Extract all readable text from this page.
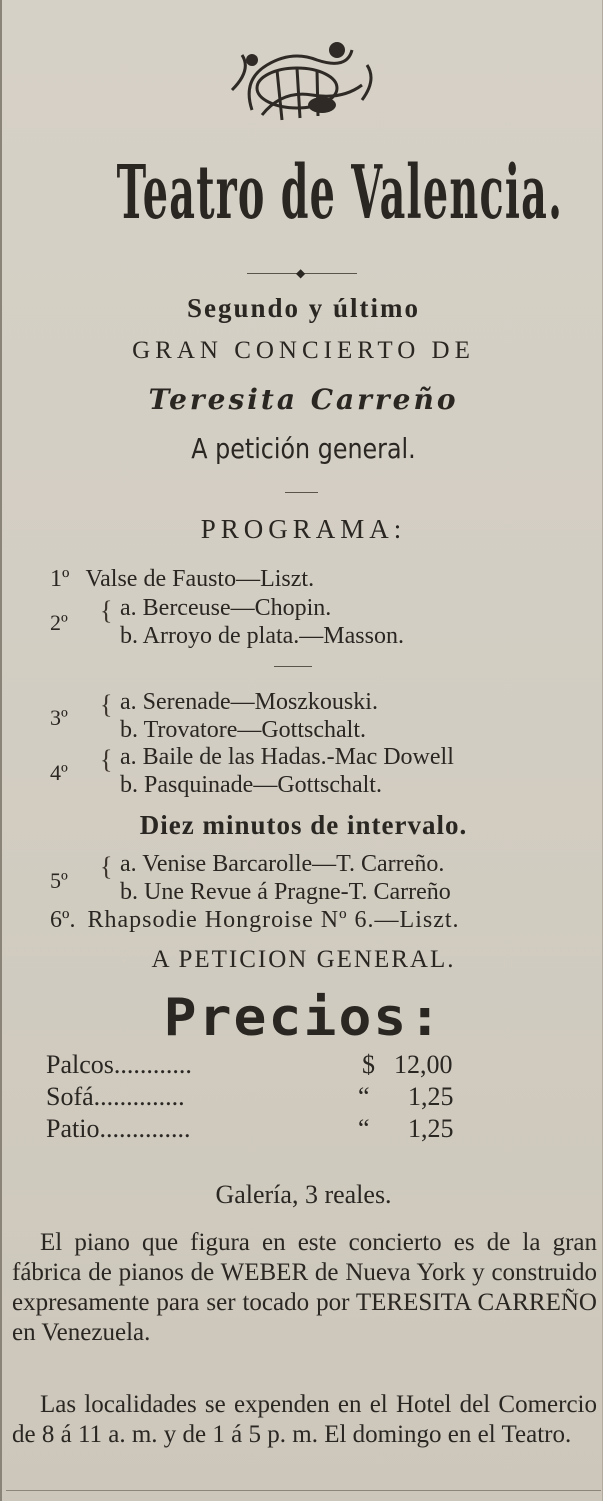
Teatro de Valencia.
◆
Segundo y último
GRAN CONCIERTO DE
Teresita Carreño
A petición general.
PROGRAMA:
1º Valse de Fausto—Liszt.
2º { a. Berceuse—Chopin.
b. Arroyo de plata.—Masson.
3º { a. Serenade—Moszkouski.
b. Trovatore—Gottschalt.
4º { a. Baile de las Hadas.-Mac Dowell
b. Pasquinade—Gottschalt.
Diez minutos de intervalo.
5º { a. Venise Barcarolle—T. Carreño.
b. Une Revue á Pragne-T. Carreño
6º. Rhapsodie Hongroise Nº 6.—Liszt.
A PETICION GENERAL.
Precios:
Palcos............	$ 12,00
Sofá..............	“ 1,25
Patio..............	“ 1,25
Galería, 3 reales.
El piano que figura en este concierto es de la gran fábrica de pianos de WEBER de Nueva York y construido expresamente para ser tocado por TERESITA CARREÑO en Venezuela.
Las localidades se expenden en el Hotel del Comercio de 8 á 11 a. m. y de 1 á 5 p. m. El domingo en el Teatro.
